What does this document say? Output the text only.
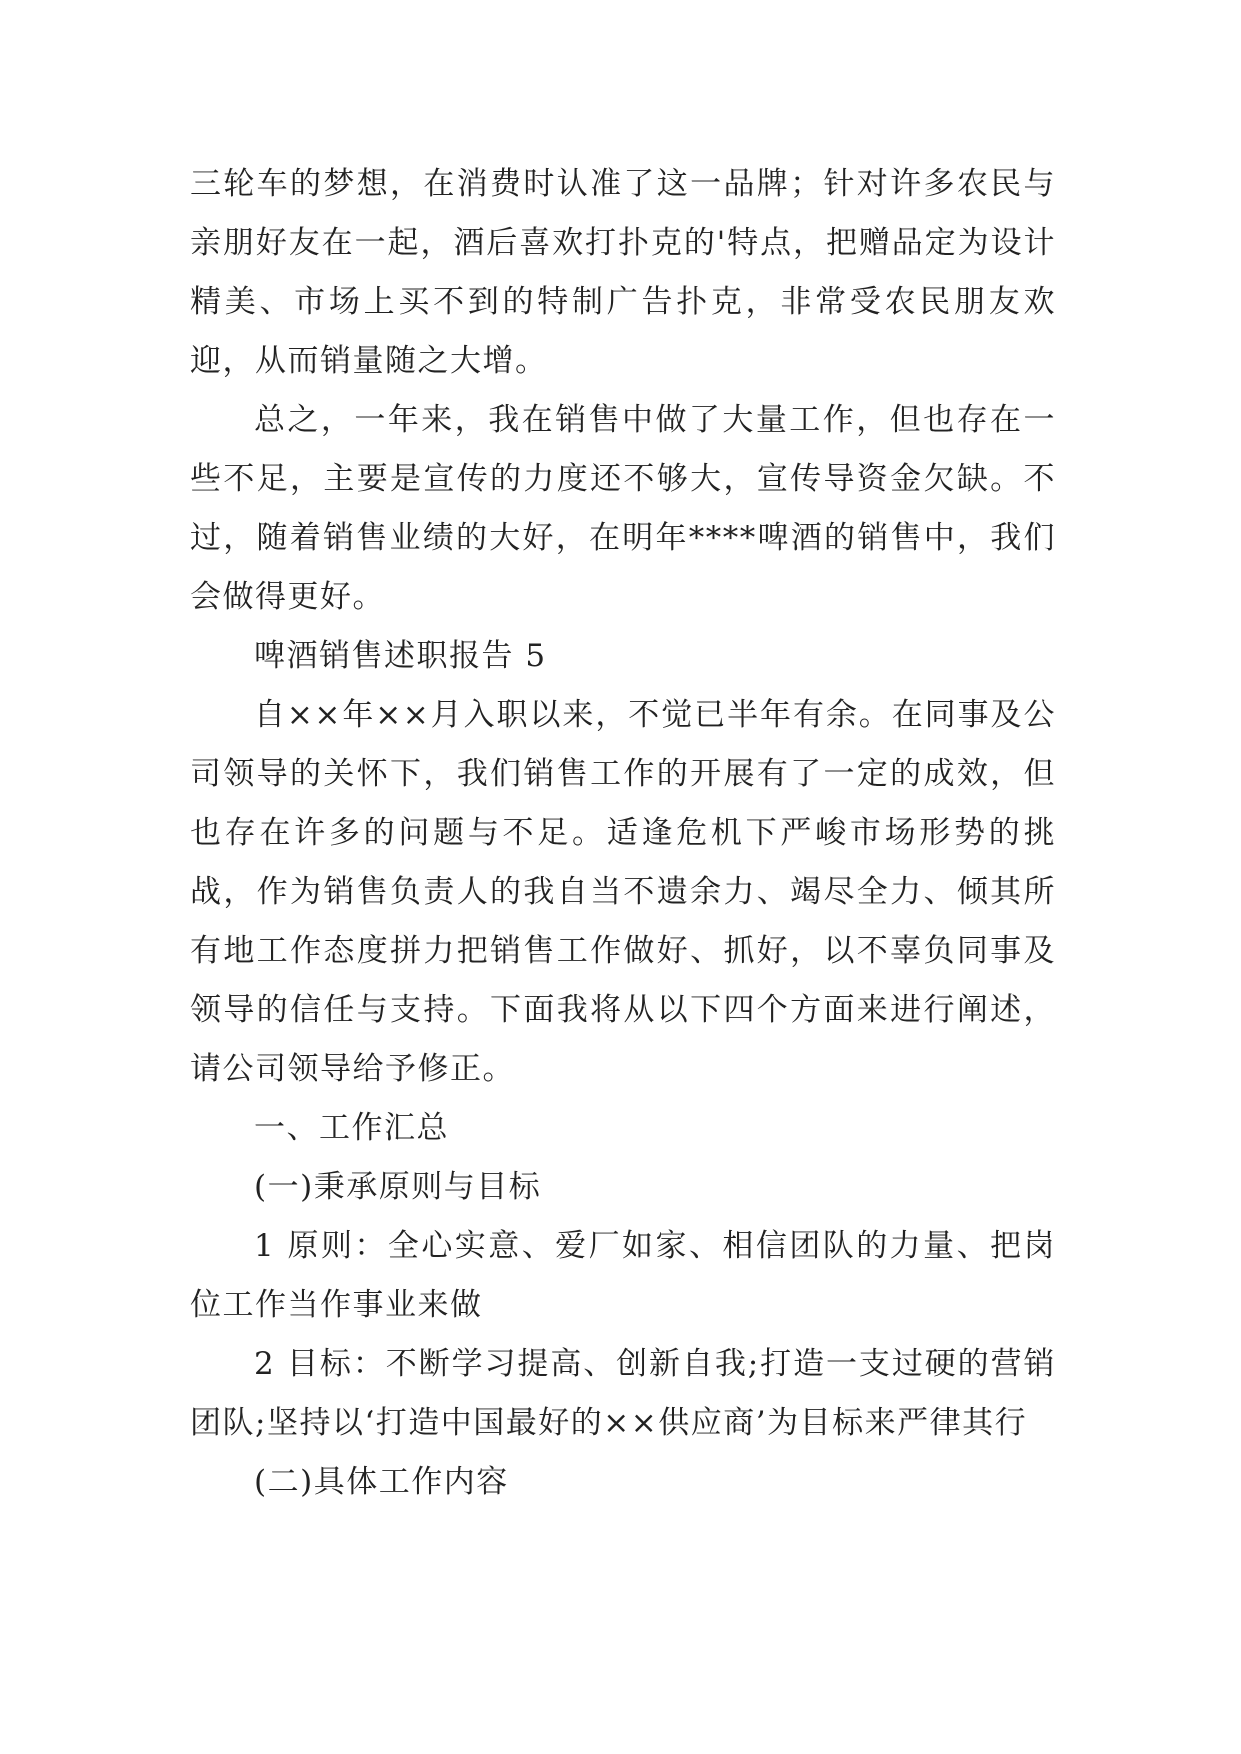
三轮车的梦想，在消费时认准了这一品牌；针对许多农民与亲朋好友在一起，酒后喜欢打扑克的'特点，把赠品定为设计精美、市场上买不到的特制广告扑克，非常受农民朋友欢迎，从而销量随之大增。

总之，一年来，我在销售中做了大量工作，但也存在一些不足，主要是宣传的力度还不够大，宣传导资金欠缺。不过，随着销售业绩的大好，在明年****啤酒的销售中，我们会做得更好。

啤酒销售述职报告 5

自××年××月入职以来，不觉已半年有余。在同事及公司领导的关怀下，我们销售工作的开展有了一定的成效，但也存在许多的问题与不足。适逢危机下严峻市场形势的挑战，作为销售负责人的我自当不遗余力、竭尽全力、倾其所有地工作态度拼力把销售工作做好、抓好，以不辜负同事及领导的信任与支持。下面我将从以下四个方面来进行阐述，请公司领导给予修正。

一、工作汇总

(一)秉承原则与目标

1 原则：全心实意、爱厂如家、相信团队的力量、把岗位工作当作事业来做

2 目标：不断学习提高、创新自我;打造一支过硬的营销团队;坚持以‘打造中国最好的××供应商’为目标来严律其行

(二)具体工作内容
